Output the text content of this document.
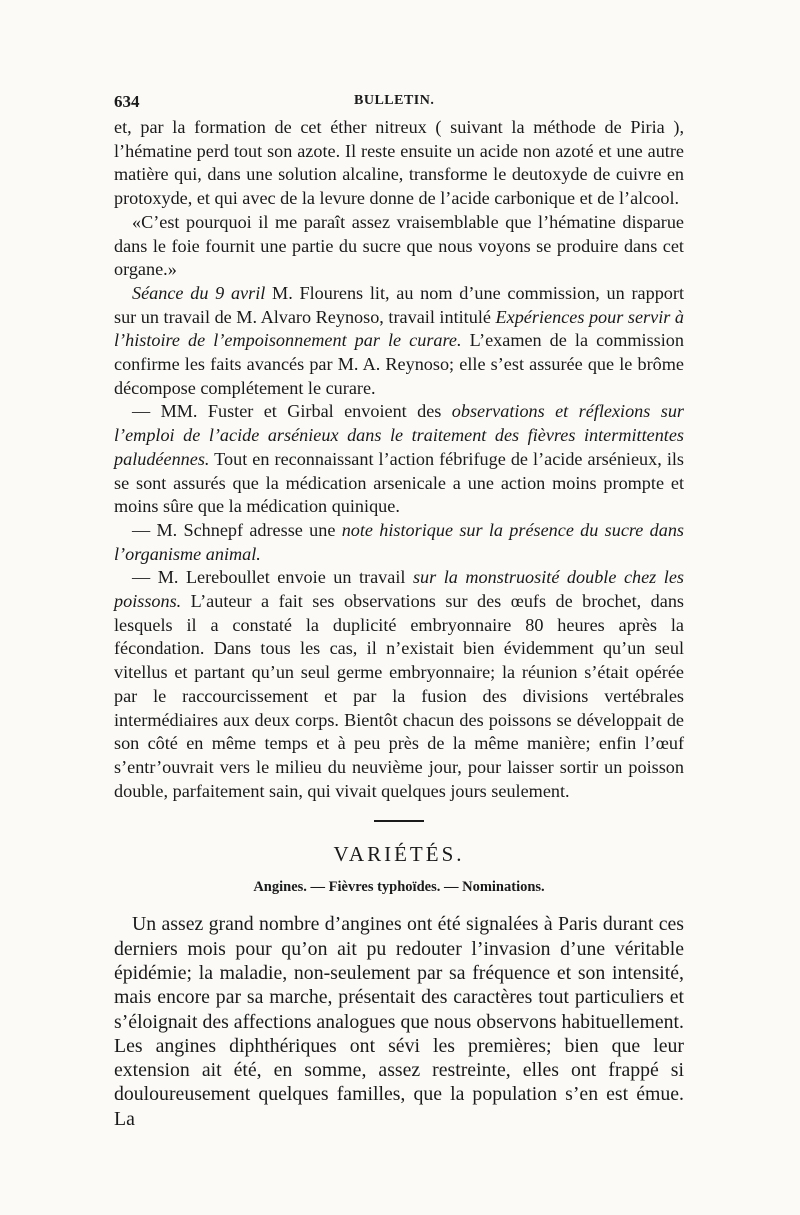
634	BULLETIN.

et, par la formation de cet éther nitreux ( suivant la méthode de Piria ), l’hématine perd tout son azote. Il reste ensuite un acide non azoté et une autre matière qui, dans une solution alcaline, transforme le deutoxyde de cuivre en protoxyde, et qui avec de la levure donne de l’acide carbonique et de l’alcool.

«C’est pourquoi il me paraît assez vraisemblable que l’hématine disparue dans le foie fournit une partie du sucre que nous voyons se produire dans cet organe.»

Séance du 9 avril M. Flourens lit, au nom d’une commission, un rapport sur un travail de M. Alvaro Reynoso, travail intitulé Expériences pour servir à l’histoire de l’empoisonnement par le curare. L’examen de la commission confirme les faits avancés par M. A. Reynoso; elle s’est assurée que le brôme décompose complétement le curare.

— MM. Fuster et Girbal envoient des observations et réflexions sur l’emploi de l’acide arsénieux dans le traitement des fièvres intermittentes paludéennes. Tout en reconnaissant l’action fébrifuge de l’acide arsénieux, ils se sont assurés que la médication arsenicale a une action moins prompte et moins sûre que la médication quinique.

— M. Schnepf adresse une note historique sur la présence du sucre dans l’organisme animal.

— M. Lereboullet envoie un travail sur la monstruosité double chez les poissons. L’auteur a fait ses observations sur des œufs de brochet, dans lesquels il a constaté la duplicité embryonnaire 80 heures après la fécondation. Dans tous les cas, il n’existait bien évidemment qu’un seul vitellus et partant qu’un seul germe embryonnaire; la réunion s’était opérée par le raccourcissement et par la fusion des divisions vertébrales intermédiaires aux deux corps. Bientôt chacun des poissons se développait de son côté en même temps et à peu près de la même manière; enfin l’œuf s’entr’ouvrait vers le milieu du neuvième jour, pour laisser sortir un poisson double, parfaitement sain, qui vivait quelques jours seulement.

VARIÉTÉS.
Angines. — Fièvres typhoïdes. — Nominations.

Un assez grand nombre d’angines ont été signalées à Paris durant ces derniers mois pour qu’on ait pu redouter l’invasion d’une véritable épidémie; la maladie, non-seulement par sa fréquence et son intensité, mais encore par sa marche, présentait des caractères tout particuliers et s’éloignait des affections analogues que nous observons habituellement. Les angines diphthériques ont sévi les premières; bien que leur extension ait été, en somme, assez restreinte, elles ont frappé si douloureusement quelques familles, que la population s’en est émue. La
